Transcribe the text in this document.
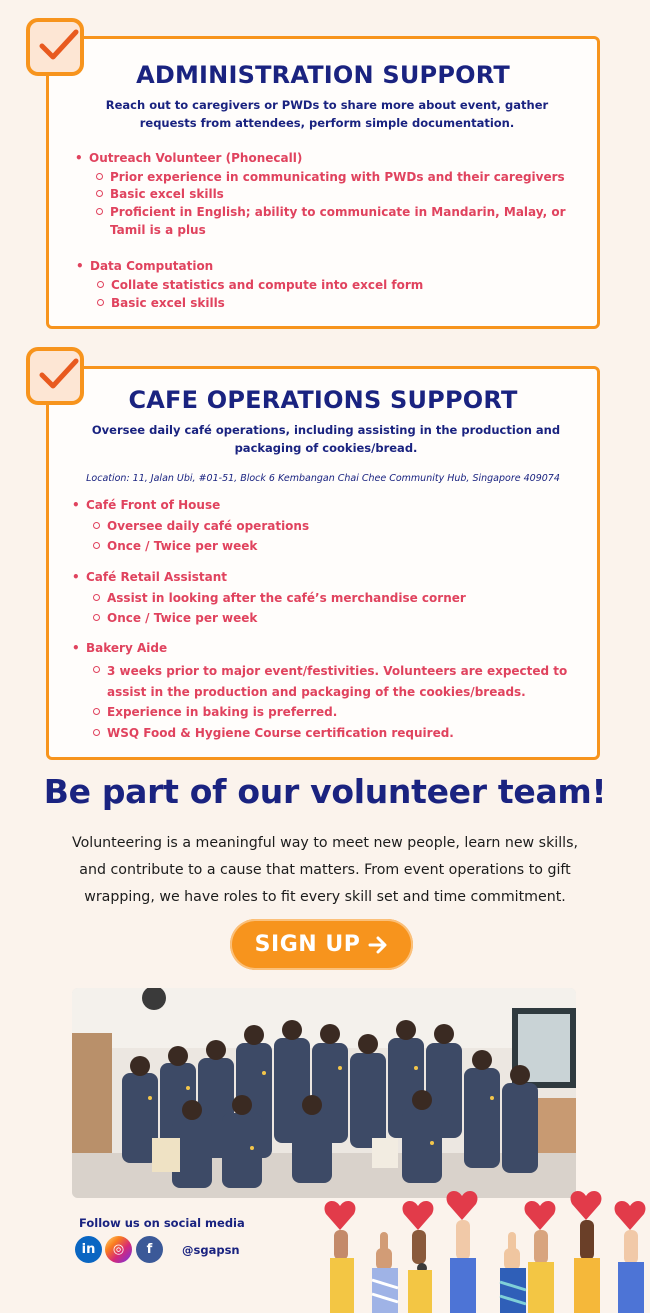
ADMINISTRATION SUPPORT
Reach out to caregivers or PWDs to share more about event, gather requests from attendees, perform simple documentation.
• Outreach Volunteer (Phonecall)
Prior experience in communicating with PWDs and their caregivers
Basic excel skills
Proficient in English; ability to communicate in Mandarin, Malay, or Tamil is a plus
• Data Computation
Collate statistics and compute into excel form
Basic excel skills
CAFE OPERATIONS SUPPORT
Oversee daily café operations, including assisting in the production and packaging of cookies/bread.
Location: 11, Jalan Ubi, #01-51, Block 6 Kembangan Chai Chee Community Hub, Singapore 409074
• Café Front of House
Oversee daily café operations
Once / Twice per week
• Café Retail Assistant
Assist in looking after the café’s merchandise corner
Once / Twice per week
• Bakery Aide
3 weeks prior to major event/festivities. Volunteers are expected to assist in the production and packaging of the cookies/breads.
Experience in baking is preferred.
WSQ Food & Hygiene Course certification required.
Be part of our volunteer team!
Volunteering is a meaningful way to meet new people, learn new skills, and contribute to a cause that matters. From event operations to gift wrapping, we have roles to fit every skill set and time commitment.
SIGN UP
Follow us on social media
in ◎ f	@sgapsn
